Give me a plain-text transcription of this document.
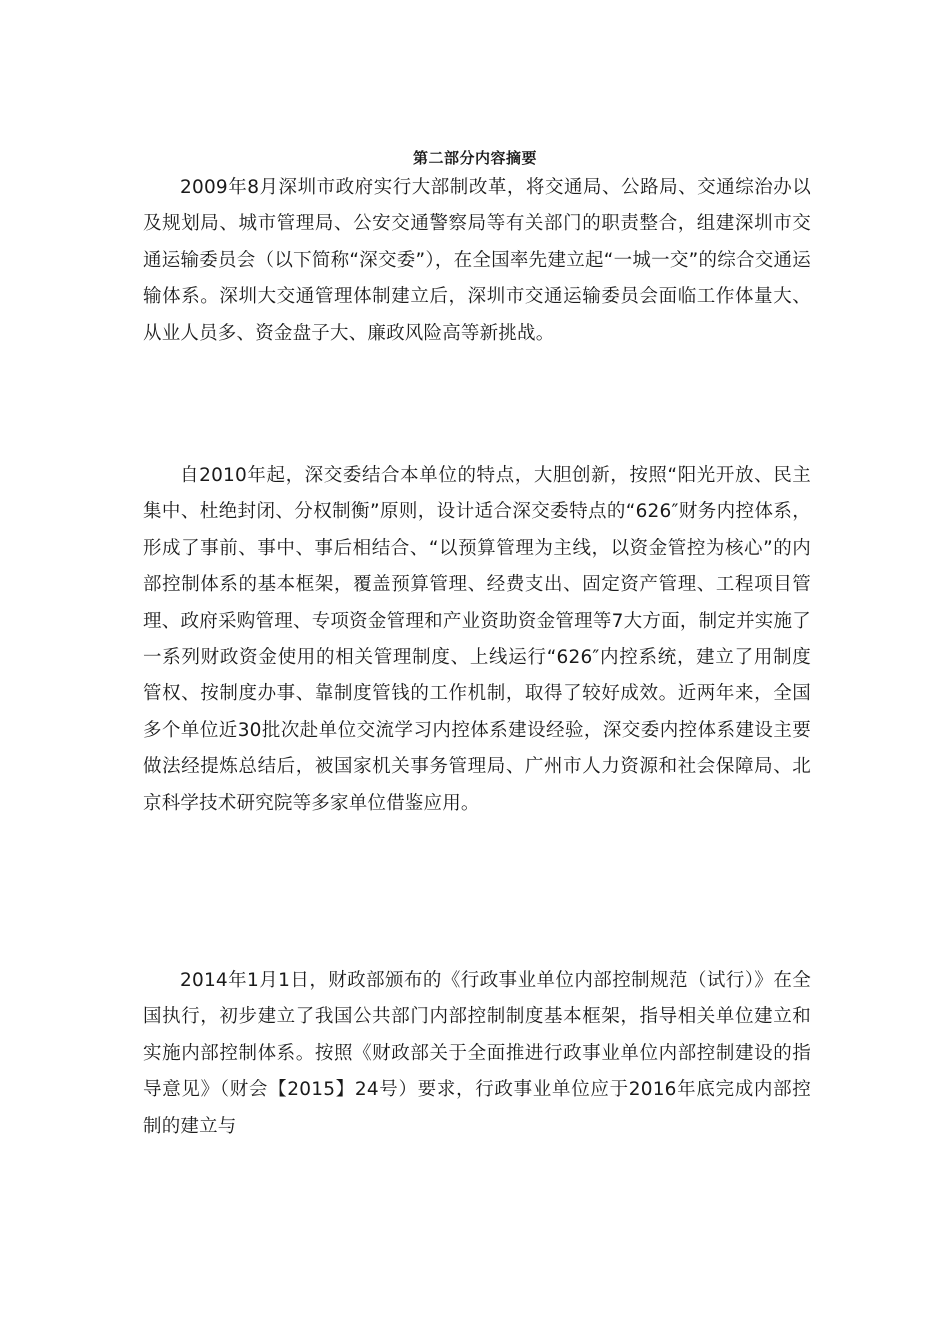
第二部分内容摘要

2009年8月深圳市政府实行大部制改革，将交通局、公路局、交通综治办以及规划局、城市管理局、公安交通警察局等有关部门的职责整合，组建深圳市交通运输委员会（以下简称“深交委”），在全国率先建立起“一城一交”的综合交通运输体系。深圳大交通管理体制建立后，深圳市交通运输委员会面临工作体量大、从业人员多、资金盘子大、廉政风险高等新挑战。

自2010年起，深交委结合本单位的特点，大胆创新，按照“阳光开放、民主集中、杜绝封闭、分权制衡”原则，设计适合深交委特点的“626″财务内控体系，形成了事前、事中、事后相结合、“以预算管理为主线，以资金管控为核心”的内部控制体系的基本框架，覆盖预算管理、经费支出、固定资产管理、工程项目管理、政府采购管理、专项资金管理和产业资助资金管理等7大方面，制定并实施了一系列财政资金使用的相关管理制度、上线运行“626″内控系统，建立了用制度管权、按制度办事、靠制度管钱的工作机制，取得了较好成效。近两年来，全国多个单位近30批次赴单位交流学习内控体系建设经验，深交委内控体系建设主要做法经提炼总结后，被国家机关事务管理局、广州市人力资源和社会保障局、北京科学技术研究院等多家单位借鉴应用。

2014年1月1日，财政部颁布的《行政事业单位内部控制规范（试行）》在全国执行，初步建立了我国公共部门内部控制制度基本框架，指导相关单位建立和实施内部控制体系。按照《财政部关于全面推进行政事业单位内部控制建设的指导意见》（财会【2015】24号）要求，行政事业单位应于2016年底完成内部控制的建立与
